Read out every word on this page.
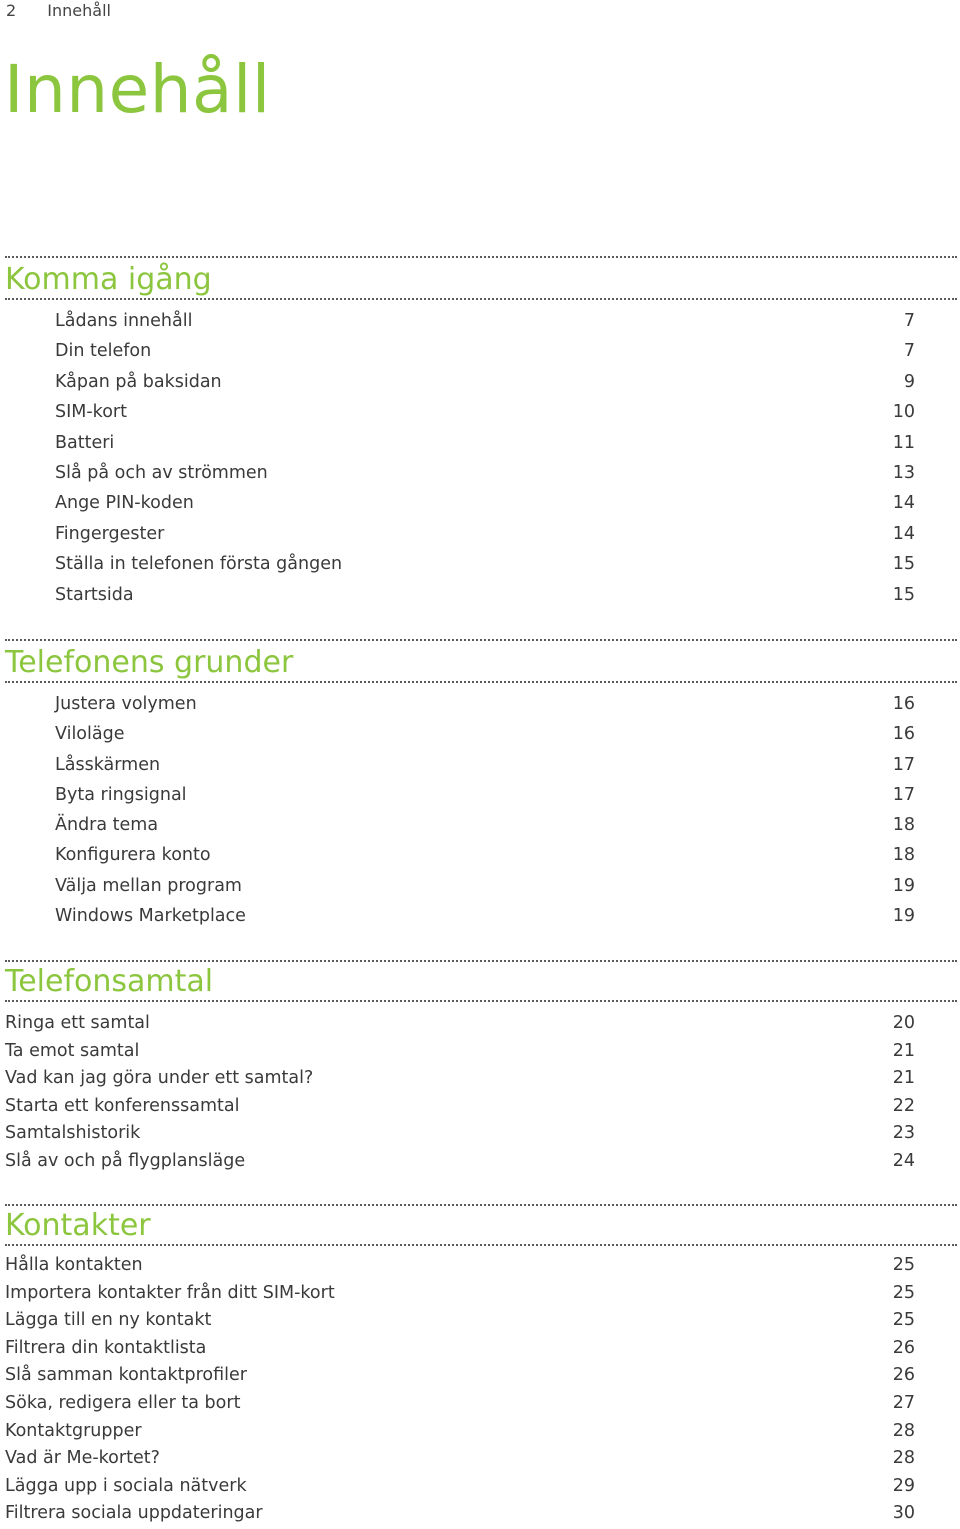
2 Innehåll
Innehåll
Komma igång
Lådans innehåll	7
Din telefon	7
Kåpan på baksidan	9
SIM-kort	10
Batteri	11
Slå på och av strömmen	13
Ange PIN-koden	14
Fingergester	14
Ställa in telefonen första gången	15
Startsida	15
Telefonens grunder
Justera volymen	16
Viloläge	16
Låsskärmen	17
Byta ringsignal	17
Ändra tema	18
Konfigurera konto	18
Välja mellan program	19
Windows Marketplace	19
Telefonsamtal
Ringa ett samtal	20
Ta emot samtal	21
Vad kan jag göra under ett samtal?	21
Starta ett konferenssamtal	22
Samtalshistorik	23
Slå av och på flygplansläge	24
Kontakter
Hålla kontakten	25
Importera kontakter från ditt SIM-kort	25
Lägga till en ny kontakt	25
Filtrera din kontaktlista	26
Slå samman kontaktprofiler	26
Söka, redigera eller ta bort	27
Kontaktgrupper	28
Vad är Me-kortet?	28
Lägga upp i sociala nätverk	29
Filtrera sociala uppdateringar	30
